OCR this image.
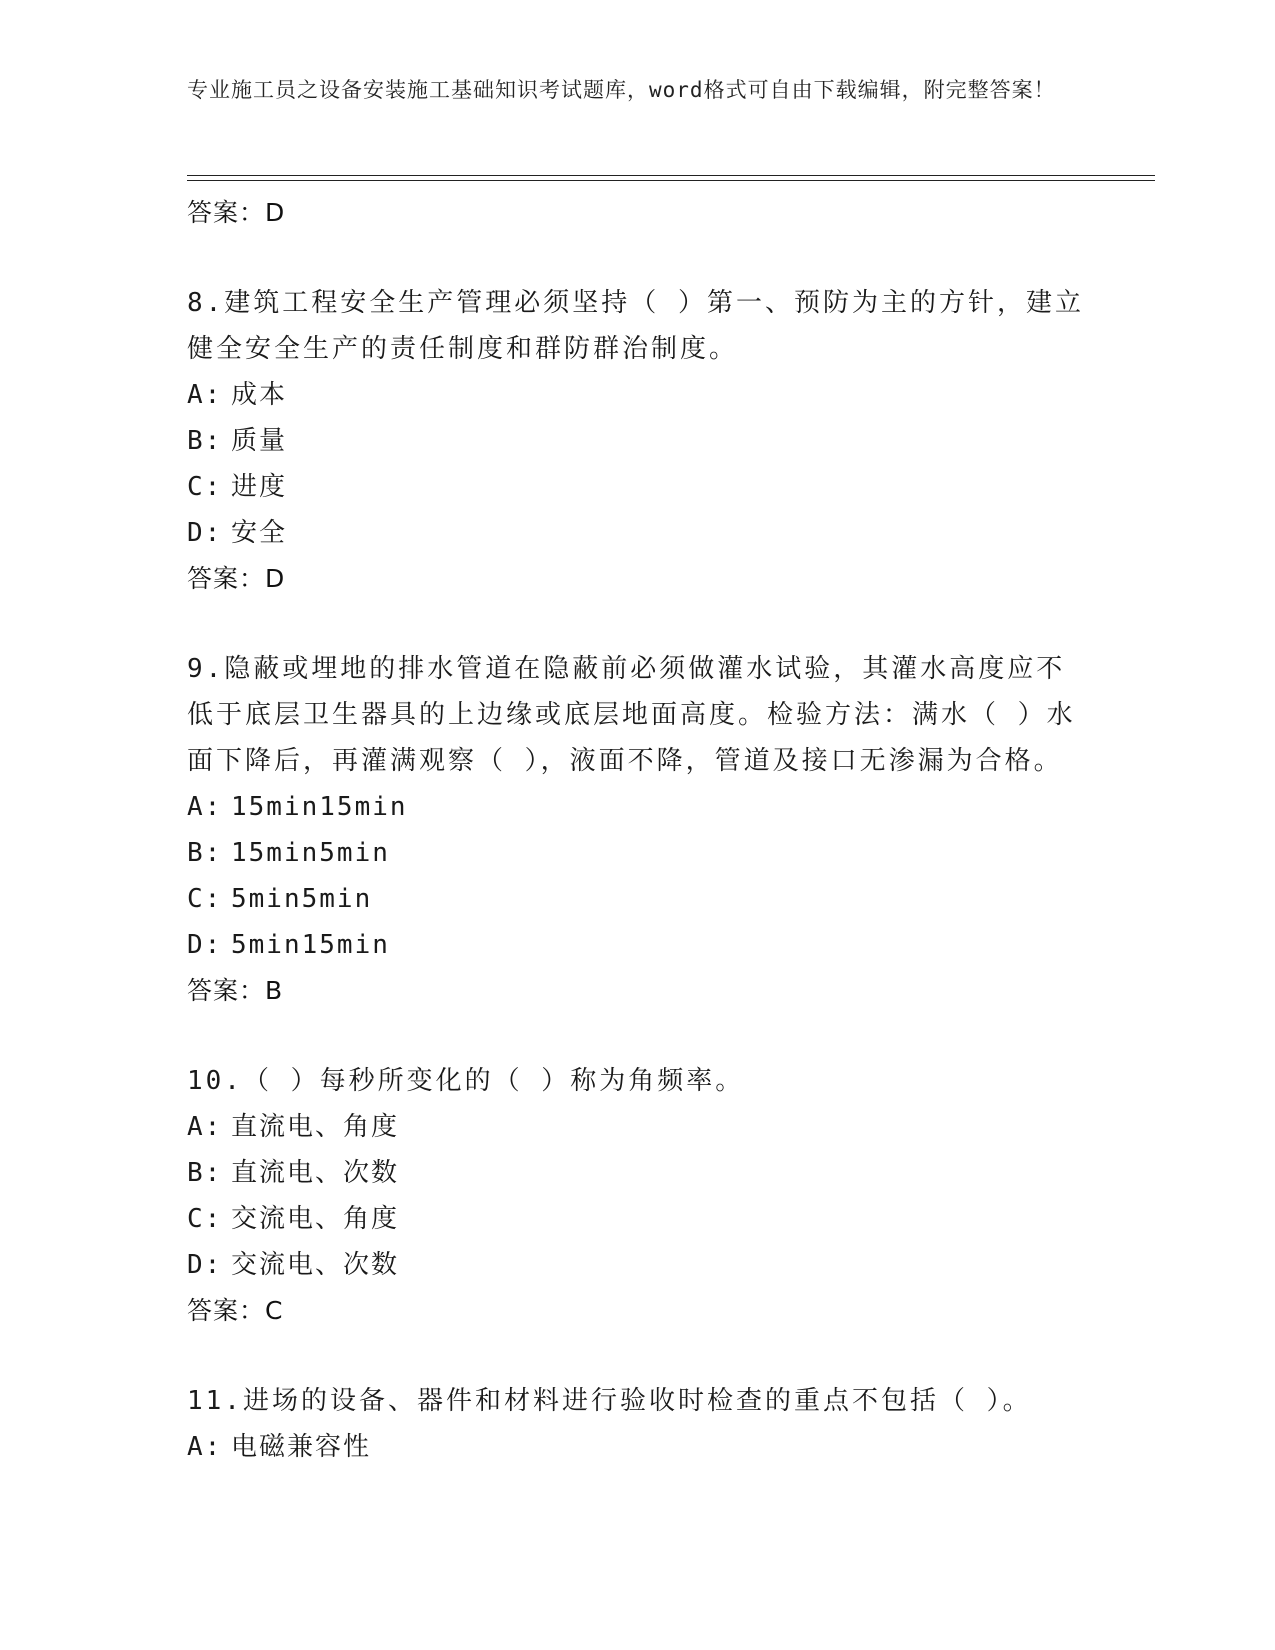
专业施工员之设备安装施工基础知识考试题库，word格式可自由下载编辑，附完整答案！
答案：D
8.建筑工程安全生产管理必须坚持（ ）第一、预防为主的方针，建立健全安全生产的责任制度和群防群治制度。
A: 成本
B: 质量
C: 进度
D: 安全
答案：D
9.隐蔽或埋地的排水管道在隐蔽前必须做灌水试验，其灌水高度应不低于底层卫生器具的上边缘或底层地面高度。检验方法：满水（ ）水面下降后，再灌满观察（ ），液面不降，管道及接口无渗漏为合格。
A: 15min15min
B: 15min5min
C: 5min5min
D: 5min15min
答案：B
10.（ ）每秒所变化的（ ）称为角频率。
A: 直流电、角度
B: 直流电、次数
C: 交流电、角度
D: 交流电、次数
答案：C
11.进场的设备、器件和材料进行验收时检查的重点不包括（ ）。
A: 电磁兼容性
